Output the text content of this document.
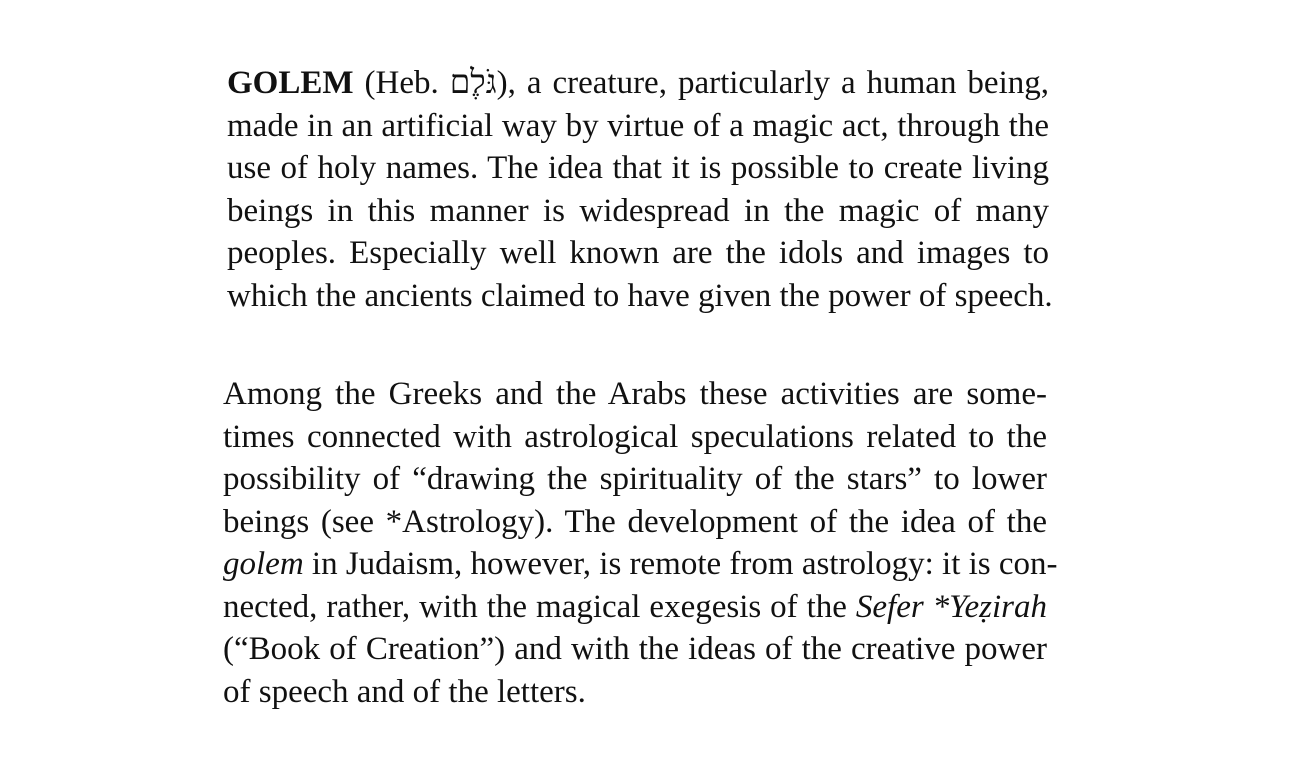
GOLEM (Heb. גֹּלֶם), a creature, particularly a human being,
made in an artificial way by virtue of a magic act, through the
use of holy names. The idea that it is possible to create living
beings in this manner is widespread in the magic of many
peoples. Especially well known are the idols and images to
which the ancients claimed to have given the power of speech.
Among the Greeks and the Arabs these activities are some-
times connected with astrological speculations related to the
possibility of “drawing the spirituality of the stars” to lower
beings (see *Astrology). The development of the idea of the
golem in Judaism, however, is remote from astrology: it is con-
nected, rather, with the magical exegesis of the Sefer *Yeẓirah
(“Book of Creation”) and with the ideas of the creative power
of speech and of the letters.
